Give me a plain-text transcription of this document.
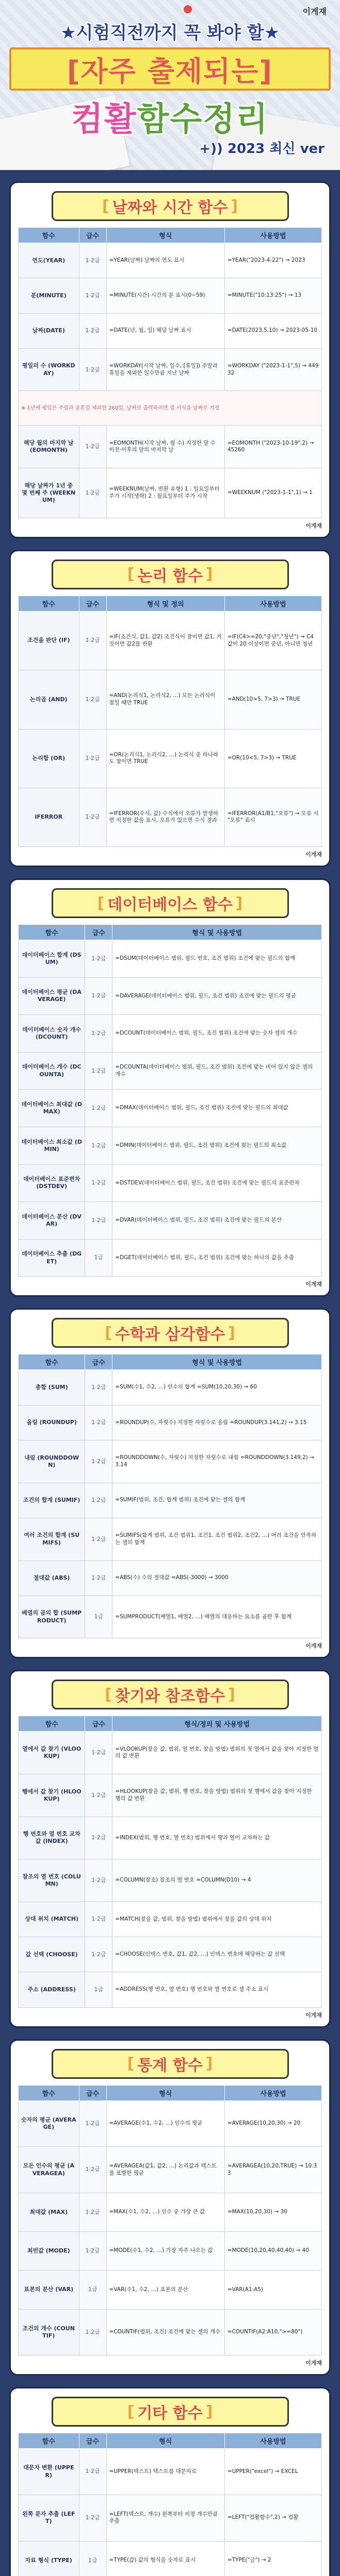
이게쟤
★시험직전까지 꼭 봐야 할★
[자주 출제되는]
컴활함수정리
+)) 2023 최신 ver
[ 날짜와 시간 함수 ]
함수	급수	형식	사용방법
연도(YEAR)	1·2급	=YEAR(날짜) 날짜의 연도 표시	=YEAR("2023-4-22") → 2023
분(MINUTE)	1·2급	=MINUTE(시간) 시간의 분 표시(0~59)	=MINUTE("10:13:25") → 13
날짜(DATE)	1·2급	=DATE(년, 월, 일) 해당 날짜 표시	=DATE(2023,5,10) → 2023-05-10
평일의 수 (WORKDAY)	1·2급	=WORKDAY(시작 날짜, 일수, [휴일]) 주말과 휴일을 제외한 일수만큼 지난 날짜	=WORKDAY ("2023-1-1",5) → 44932
※ 1년에 평일은 주말과 공휴일 제외한 260일, 날짜로 출력하려면 셀 서식을 날짜로 지정			
해당 월의 마지막 날 (EOMONTH)	1·2급	=EOMONTH(시작 날짜, 월 수) 지정한 달 수 이전·이후의 달의 마지막 날	=EOMONTH ("2023-10-19",2) → 45260
해당 날짜가 1년 중 몇 번째 주 (WEEKNUM)	1·2급	=WEEKNUM(날짜, 반환 유형) 1 : 일요일부터 주가 시작(생략) 2 : 월요일부터 주가 시작	=WEEKNUM ("2023-1-1",1) → 1
이게쟤
[ 논리 함수 ]
함수	급수	형식 및 정의	사용방법
조건을 판단 (IF)	1·2급	=IF(조건식, 값1, 값2) 조건식이 참이면 값1, 거짓이면 값2를 반환	=IF(C4>=20,"중년","청년") → C4 값이 20 이상이면 중년, 아니면 청년
논리곱 (AND)	1·2급	=AND(논리식1, 논리식2, …) 모든 논리식이 참일 때만 TRUE	=AND(10>5, 7>3) → TRUE
논리합 (OR)	1·2급	=OR(논리식1, 논리식2, …) 논리식 중 하나라도 참이면 TRUE	=OR(10<5, 7>3) → TRUE
IFERROR	1·2급	=IFERROR(수식, 값) 수식에서 오류가 발생하면 지정한 값을 표시, 오류가 없으면 수식 결과	=IFERROR(A1/B1,"오류") → 오류 시 "오류" 표시
이게쟤
[ 데이터베이스 함수 ]
함수	급수	형식 및 사용방법
데이터베이스 합계 (DSUM)	1·2급	=DSUM(데이터베이스 범위, 필드 번호, 조건 범위) 조건에 맞는 필드의 합계
데이터베이스 평균 (DAVERAGE)	1·2급	=DAVERAGE(데이터베이스 범위, 필드, 조건 범위) 조건에 맞는 필드의 평균
데이터베이스 숫자 개수 (DCOUNT)	1·2급	=DCOUNT(데이터베이스 범위, 필드, 조건 범위) 조건에 맞는 숫자 셀의 개수
데이터베이스 개수 (DCOUNTA)	1·2급	=DCOUNTA(데이터베이스 범위, 필드, 조건 범위) 조건에 맞는 비어 있지 않은 셀의 개수
데이터베이스 최대값 (DMAX)	1·2급	=DMAX(데이터베이스 범위, 필드, 조건 범위) 조건에 맞는 필드의 최대값
데이터베이스 최소값 (DMIN)	1·2급	=DMIN(데이터베이스 범위, 필드, 조건 범위) 조건에 맞는 필드의 최소값
데이터베이스 표준편차 (DSTDEV)	1·2급	=DSTDEV(데이터베이스 범위, 필드, 조건 범위) 조건에 맞는 필드의 표준편차
데이터베이스 분산 (DVAR)	1·2급	=DVAR(데이터베이스 범위, 필드, 조건 범위) 조건에 맞는 필드의 분산
데이터베이스 추출 (DGET)	1급	=DGET(데이터베이스 범위, 필드, 조건 범위) 조건에 맞는 하나의 값을 추출
이게쟤
[ 수학과 삼각함수 ]
함수	급수	형식 및 사용방법
총합 (SUM)	1·2급	=SUM(수1, 수2, …) 인수의 합계 =SUM(10,20,30) → 60
올림 (ROUNDUP)	1·2급	=ROUNDUP(수, 자릿수) 지정한 자릿수로 올림 =ROUNDUP(3.141,2) → 3.15
내림 (ROUNDDOWN)	1·2급	=ROUNDDOWN(수, 자릿수) 지정한 자릿수로 내림 =ROUNDDOWN(3.149,2) → 3.14
조건의 합계 (SUMIF)	1·2급	=SUMIF(범위, 조건, 합계 범위) 조건에 맞는 셀의 합계
여러 조건의 합계 (SUMIFS)	1·2급	=SUMIFS(합계 범위, 조건 범위1, 조건1, 조건 범위2, 조건2, …) 여러 조건을 만족하는 셀의 합계
절대값 (ABS)	1·2급	=ABS(수) 수의 절대값 =ABS(-3000) → 3000
배열의 곱의 합 (SUMPRODUCT)	1급	=SUMPRODUCT(배열1, 배열2, …) 배열의 대응하는 요소를 곱한 후 합계
이게쟤
[ 찾기와 참조함수 ]
함수	급수	형식/정의 및 사용방법
열에서 값 찾기 (VLOOKUP)	1·2급	=VLOOKUP(찾을 값, 범위, 열 번호, 찾을 방법) 범위의 첫 열에서 값을 찾아 지정한 열의 값 반환
행에서 값 찾기 (HLOOKUP)	1·2급	=HLOOKUP(찾을 값, 범위, 행 번호, 찾을 방법) 범위의 첫 행에서 값을 찾아 지정한 행의 값 반환
행 번호와 열 번호 교차 값 (INDEX)	1·2급	=INDEX(범위, 행 번호, 열 번호) 범위에서 행과 열이 교차하는 값
참조의 열 번호 (COLUMN)	1·2급	=COLUMN(참조) 참조의 열 번호 =COLUMN(D10) → 4
상대 위치 (MATCH)	1·2급	=MATCH(찾을 값, 범위, 찾을 방법) 범위에서 찾을 값의 상대 위치
값 선택 (CHOOSE)	1·2급	=CHOOSE(인덱스 번호, 값1, 값2, …) 인덱스 번호에 해당하는 값 선택
주소 (ADDRESS)	1급	=ADDRESS(행 번호, 열 번호) 행 번호와 열 번호로 셀 주소 표시
이게쟤
[ 통계 함수 ]
함수	급수	형식	사용방법
숫자의 평균 (AVERAGE)	1·2급	=AVERAGE(수1, 수2, …) 인수의 평균	=AVERAGE(10,20,30) → 20
모든 인수의 평균 (AVERAGEA)	1·2급	=AVERAGEA(값1, 값2, …) 논리값과 텍스트를 포함한 평균	=AVERAGEA(10,20,TRUE) → 10.33
최대값 (MAX)	1·2급	=MAX(수1, 수2, …) 인수 중 가장 큰 값	=MAX(10,20,30) → 30
최빈값 (MODE)	1·2급	=MODE(수1, 수2, …) 가장 자주 나오는 값	=MODE(10,20,40,40,40) → 40
표본의 분산 (VAR)	1급	=VAR(수1, 수2, …) 표본의 분산	=VAR(A1:A5)
조건의 개수 (COUNTIF)	1·2급	=COUNTIF(범위, 조건) 조건에 맞는 셀의 개수	=COUNTIF(A2:A10,">=80")
이게쟤
[ 기타 함수 ]
함수	급수	형식	사용방법
대문자 변환 (UPPER)	1·2급	=UPPER(텍스트) 텍스트를 대문자로	=UPPER("excel") → EXCEL
왼쪽 문자 추출 (LEFT)	1·2급	=LEFT(텍스트, 개수) 왼쪽부터 지정 개수만큼 추출	=LEFT("컴활함수",2) → 컴활
자료 형식 (TYPE)	1급	=TYPE(값) 값의 형식을 숫자로 표시	=TYPE("글") → 2
